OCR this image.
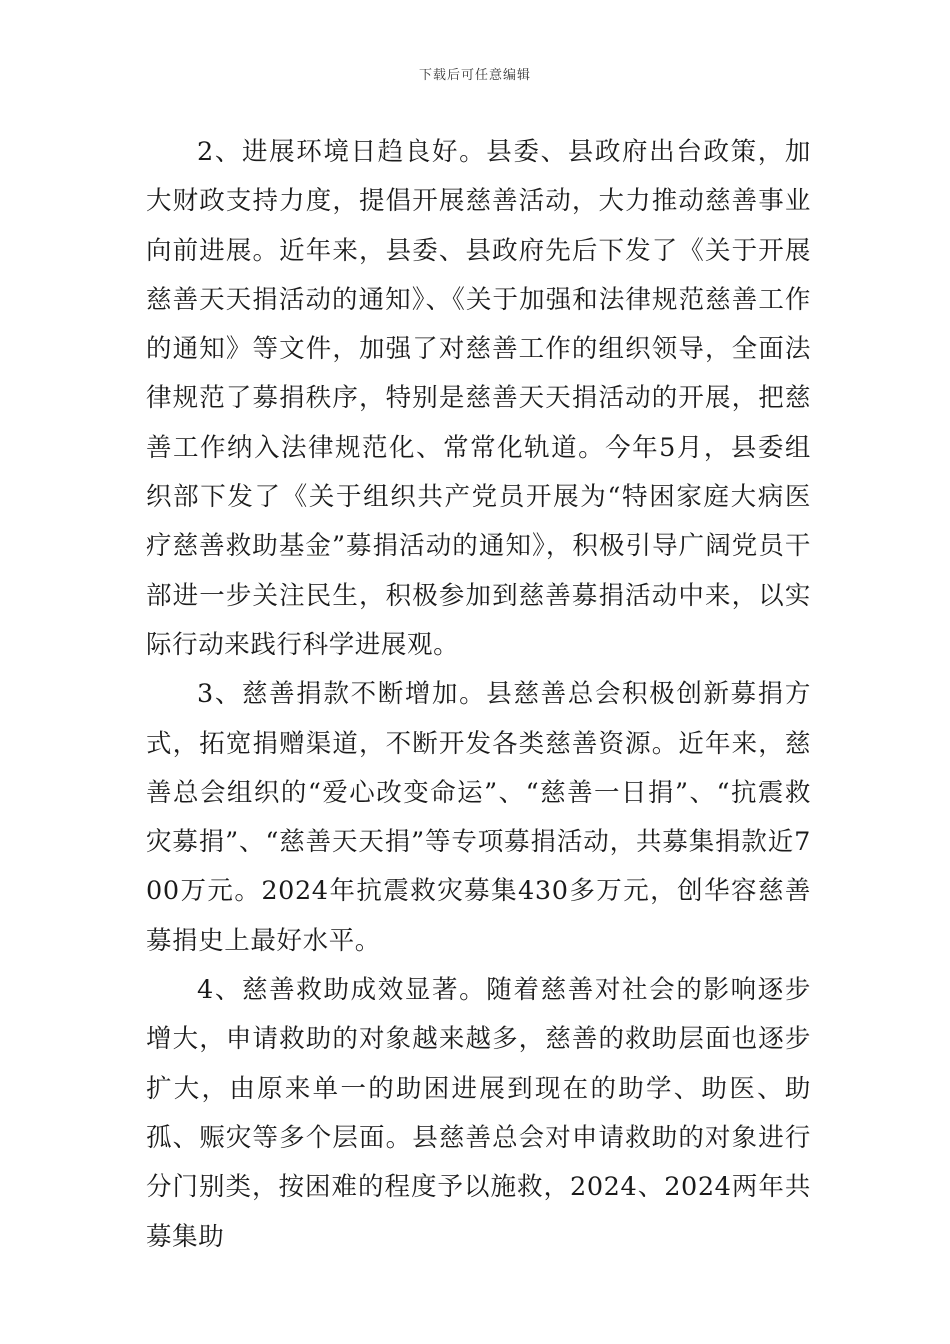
下载后可任意编辑

2、进展环境日趋良好。县委、县政府出台政策，加大财政支持力度，提倡开展慈善活动，大力推动慈善事业向前进展。近年来，县委、县政府先后下发了《关于开展慈善天天捐活动的通知》、《关于加强和法律规范慈善工作的通知》等文件，加强了对慈善工作的组织领导，全面法律规范了募捐秩序，特别是慈善天天捐活动的开展，把慈善工作纳入法律规范化、常常化轨道。今年5月，县委组织部下发了《关于组织共产党员开展为“特困家庭大病医疗慈善救助基金”募捐活动的通知》，积极引导广阔党员干部进一步关注民生，积极参加到慈善募捐活动中来，以实际行动来践行科学进展观。

3、慈善捐款不断增加。县慈善总会积极创新募捐方式，拓宽捐赠渠道，不断开发各类慈善资源。近年来，慈善总会组织的“爱心改变命运”、“慈善一日捐”、“抗震救灾募捐”、“慈善天天捐”等专项募捐活动，共募集捐款近700万元。2024年抗震救灾募集430多万元，创华容慈善募捐史上最好水平。

4、慈善救助成效显著。随着慈善对社会的影响逐步增大，申请救助的对象越来越多，慈善的救助层面也逐步扩大，由原来单一的助困进展到现在的助学、助医、助孤、赈灾等多个层面。县慈善总会对申请救助的对象进行分门别类，按困难的程度予以施救，2024、2024两年共募集助
